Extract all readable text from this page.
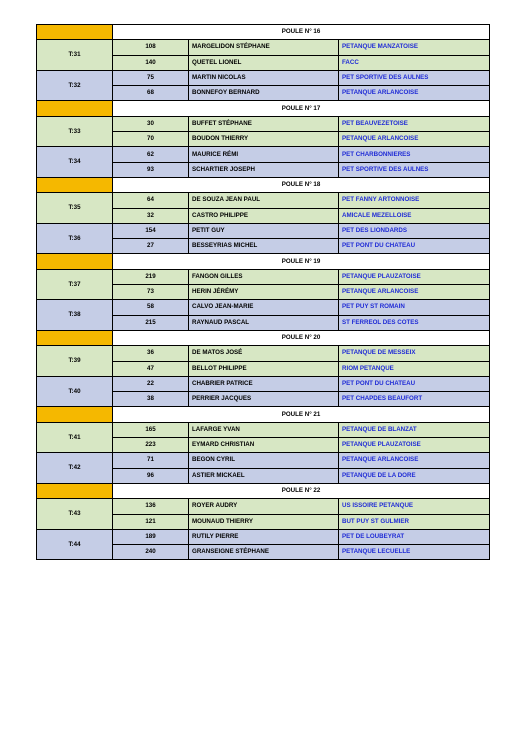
	POULE N° 16		
T:31	108	MARGELIDON STÉPHANE	PETANQUE MANZATOISE
	140	QUETEL LIONEL	FACC
T:32	75	MARTIN NICOLAS	PET SPORTIVE DES AULNES
	68	BONNEFOY BERNARD	PETANQUE ARLANCOISE
	POULE N° 17		
T:33	30	BUFFET STÉPHANE	PET BEAUVEZETOISE
	70	BOUDON THIERRY	PETANQUE ARLANCOISE
T:34	62	MAURICE RÉMI	PET CHARBONNIERES
	93	SCHARTIER JOSEPH	PET SPORTIVE DES AULNES
	POULE N° 18		
T:35	64	DE SOUZA JEAN PAUL	PET FANNY ARTONNOISE
	32	CASTRO PHILIPPE	AMICALE MEZELLOISE
T:36	154	PETIT GUY	PET DES LIONDARDS
	27	BESSEYRIAS MICHEL	PET PONT DU CHATEAU
	POULE N° 19		
T:37	219	FANGON GILLES	PETANQUE PLAUZATOISE
	73	HERIN JÉRÉMY	PETANQUE ARLANCOISE
T:38	58	CALVO JEAN-MARIE	PET PUY ST ROMAIN
	215	RAYNAUD PASCAL	ST FERREOL DES COTES
	POULE N° 20		
T:39	36	DE MATOS JOSÉ	PETANQUE DE MESSEIX
	47	BELLOT PHILIPPE	RIOM PETANQUE
T:40	22	CHABRIER PATRICE	PET PONT DU CHATEAU
	38	PERRIER JACQUES	PET CHAPDES BEAUFORT
	POULE N° 21		
T:41	165	LAFARGE YVAN	PETANQUE DE BLANZAT
	223	EYMARD CHRISTIAN	PETANQUE PLAUZATOISE
T:42	71	BEGON CYRIL	PETANQUE ARLANCOISE
	96	ASTIER MICKAEL	PETANQUE DE LA DORE
	POULE N° 22		
T:43	136	ROYER AUDRY	US ISSOIRE PETANQUE
	121	MOUNAUD THIERRY	BUT PUY ST GULMIER
T:44	189	RUTILY PIERRE	PET DE LOUBEYRAT
	240	GRANSEIGNE STÉPHANE	PETANQUE LECUELLE
